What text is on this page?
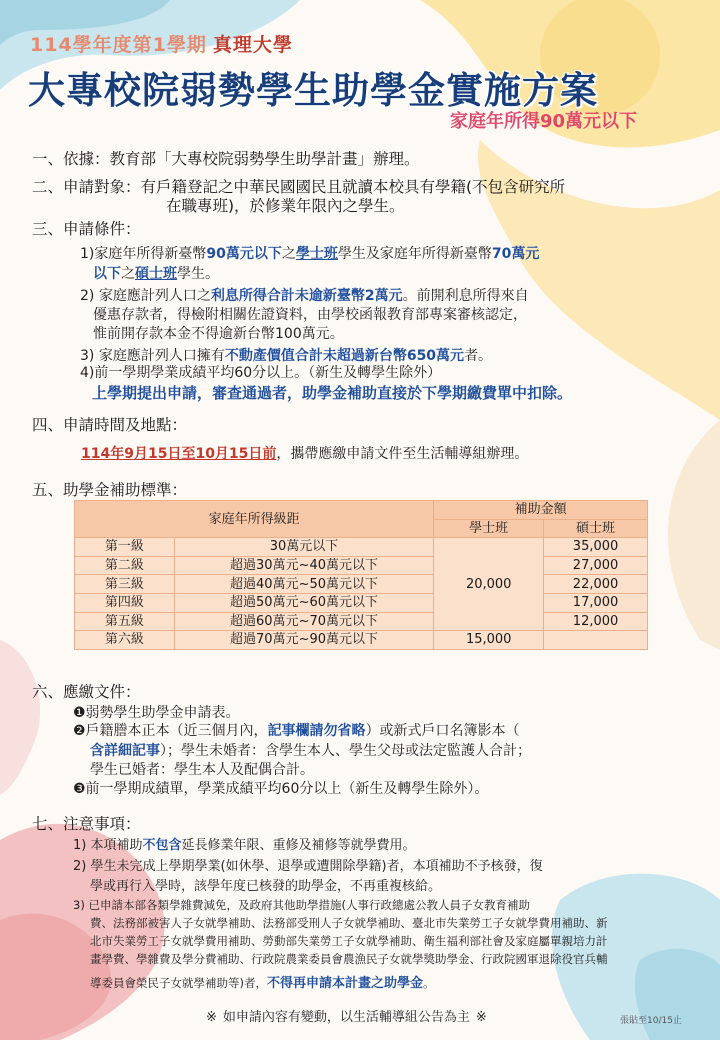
114學年度第1學期 真理大學
大專校院弱勢學生助學金實施方案
家庭年所得90萬元以下
一、依據：教育部「大專校院弱勢學生助學計畫」辦理。
二、申請對象：有戶籍登記之中華民國國民且就讀本校具有學籍(不包含研究所
在職專班)，於修業年限內之學生。
三、申請條件：
1)家庭年所得新臺幣90萬元以下之學士班學生及家庭年所得新臺幣70萬元
以下之碩士班學生。
2) 家庭應計列人口之利息所得合計未逾新臺幣2萬元。前開利息所得來自
優惠存款者，得檢附相關佐證資料，由學校函報教育部專案審核認定，
惟前開存款本金不得逾新台幣100萬元。
3) 家庭應計列人口擁有不動產價值合計未超過新台幣650萬元者。
4)前一學期學業成績平均60分以上。（新生及轉學生除外）
上學期提出申請，審查通過者，助學金補助直接於下學期繳費單中扣除。
四、申請時間及地點：
114年9月15日至10月15日前，攜帶應繳申請文件至生活輔導組辦理。
五、助學金補助標準：
家庭年所得級距		補助金額	
		學士班	碩士班
第一級	30萬元以下	20,000	35,000
第二級	超過30萬元~40萬元以下		27,000
第三級	超過40萬元~50萬元以下		22,000
第四級	超過50萬元~60萬元以下		17,000
第五級	超過60萬元~70萬元以下		12,000
第六級	超過70萬元~90萬元以下	15,000	
六、應繳文件：
❶弱勢學生助學金申請表。
❷戶籍謄本正本（近三個月內，記事欄請勿省略）或新式戶口名簿影本（
含詳細記事）；學生未婚者：含學生本人、學生父母或法定監護人合計；
學生已婚者：學生本人及配偶合計。
❸前一學期成績單，學業成績平均60分以上（新生及轉學生除外）。
七、注意事項：
1) 本項補助不包含延長修業年限、重修及補修等就學費用。
2) 學生未完成上學期學業(如休學、退學或遭開除學籍)者，本項補助不予核發，復
學或再行入學時，該學年度已核發的助學金，不再重複核給。
3) 已申請本部各類學雜費減免，及政府其他助學措施(人事行政總處公教人員子女教育補助
費、法務部被害人子女就學補助、法務部受刑人子女就學補助、臺北市失業勞工子女就學費用補助、新
北市失業勞工子女就學費用補助、勞動部失業勞工子女就學補助、衛生福利部社會及家庭屬單親培力計
畫學費、學雜費及學分費補助、行政院農業委員會農漁民子女就學獎助學金、行政院國軍退除役官兵輔
導委員會榮民子女就學補助等)者，不得再申請本計畫之助學金。
※ 如申請內容有變動，以生活輔導組公告為主 ※	張貼至10/15止
